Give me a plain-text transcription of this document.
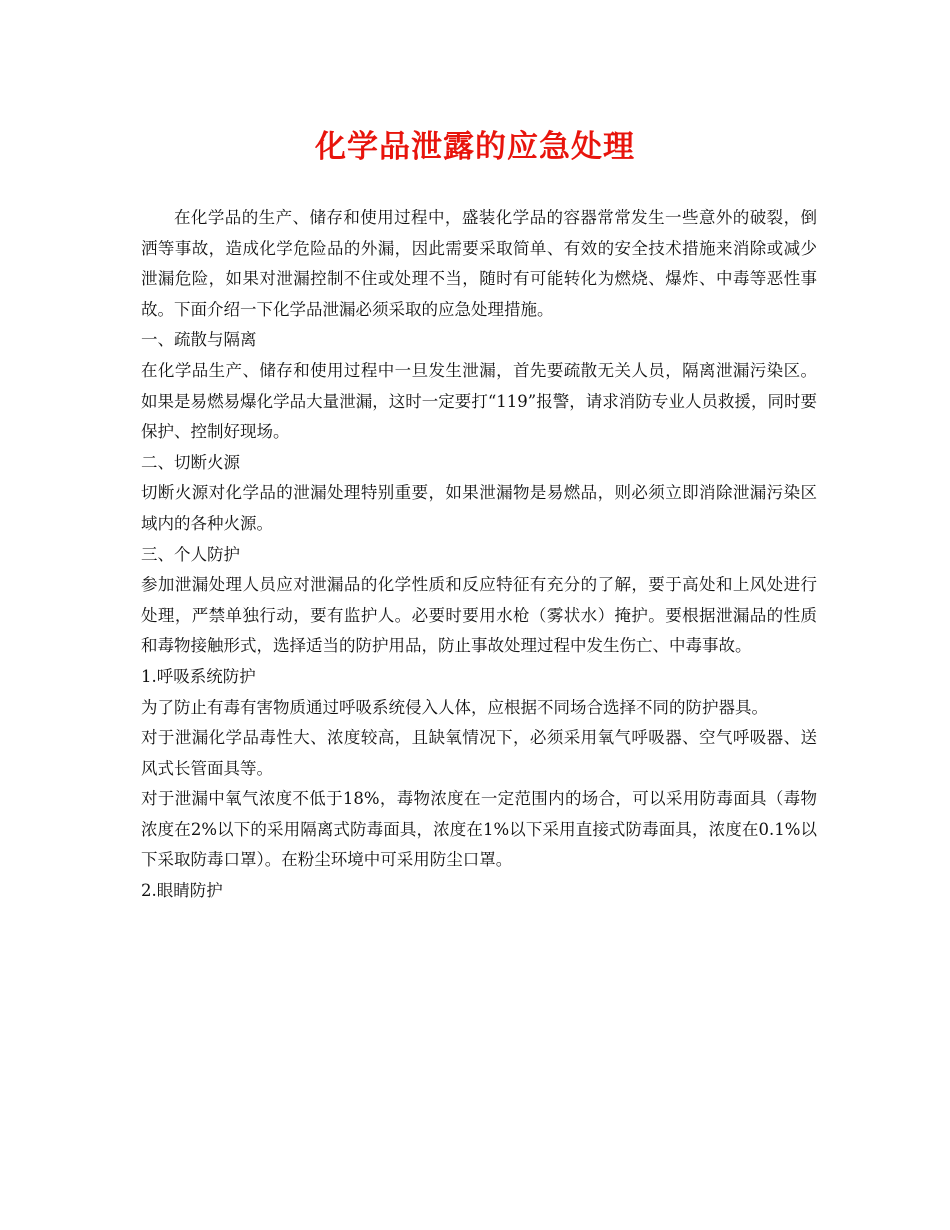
化学品泄露的应急处理

在化学品的生产、储存和使用过程中，盛装化学品的容器常常发生一些意外的破裂，倒洒等事故，造成化学危险品的外漏，因此需要采取简单、有效的安全技术措施来消除或减少泄漏危险，如果对泄漏控制不住或处理不当，随时有可能转化为燃烧、爆炸、中毒等恶性事故。下面介绍一下化学品泄漏必须采取的应急处理措施。

一、疏散与隔离

在化学品生产、储存和使用过程中一旦发生泄漏，首先要疏散无关人员，隔离泄漏污染区。如果是易燃易爆化学品大量泄漏，这时一定要打“119”报警，请求消防专业人员救援，同时要保护、控制好现场。

二、切断火源

切断火源对化学品的泄漏处理特别重要，如果泄漏物是易燃品，则必须立即消除泄漏污染区域内的各种火源。

三、个人防护

参加泄漏处理人员应对泄漏品的化学性质和反应特征有充分的了解，要于高处和上风处进行处理，严禁单独行动，要有监护人。必要时要用水枪（雾状水）掩护。要根据泄漏品的性质和毒物接触形式，选择适当的防护用品，防止事故处理过程中发生伤亡、中毒事故。

1.呼吸系统防护

为了防止有毒有害物质通过呼吸系统侵入人体，应根据不同场合选择不同的防护器具。

对于泄漏化学品毒性大、浓度较高，且缺氧情况下，必须采用氧气呼吸器、空气呼吸器、送风式长管面具等。

对于泄漏中氧气浓度不低于18%，毒物浓度在一定范围内的场合，可以采用防毒面具（毒物浓度在2%以下的采用隔离式防毒面具，浓度在1%以下采用直接式防毒面具，浓度在0.1%以下采取防毒口罩）。在粉尘环境中可采用防尘口罩。

2.眼睛防护
